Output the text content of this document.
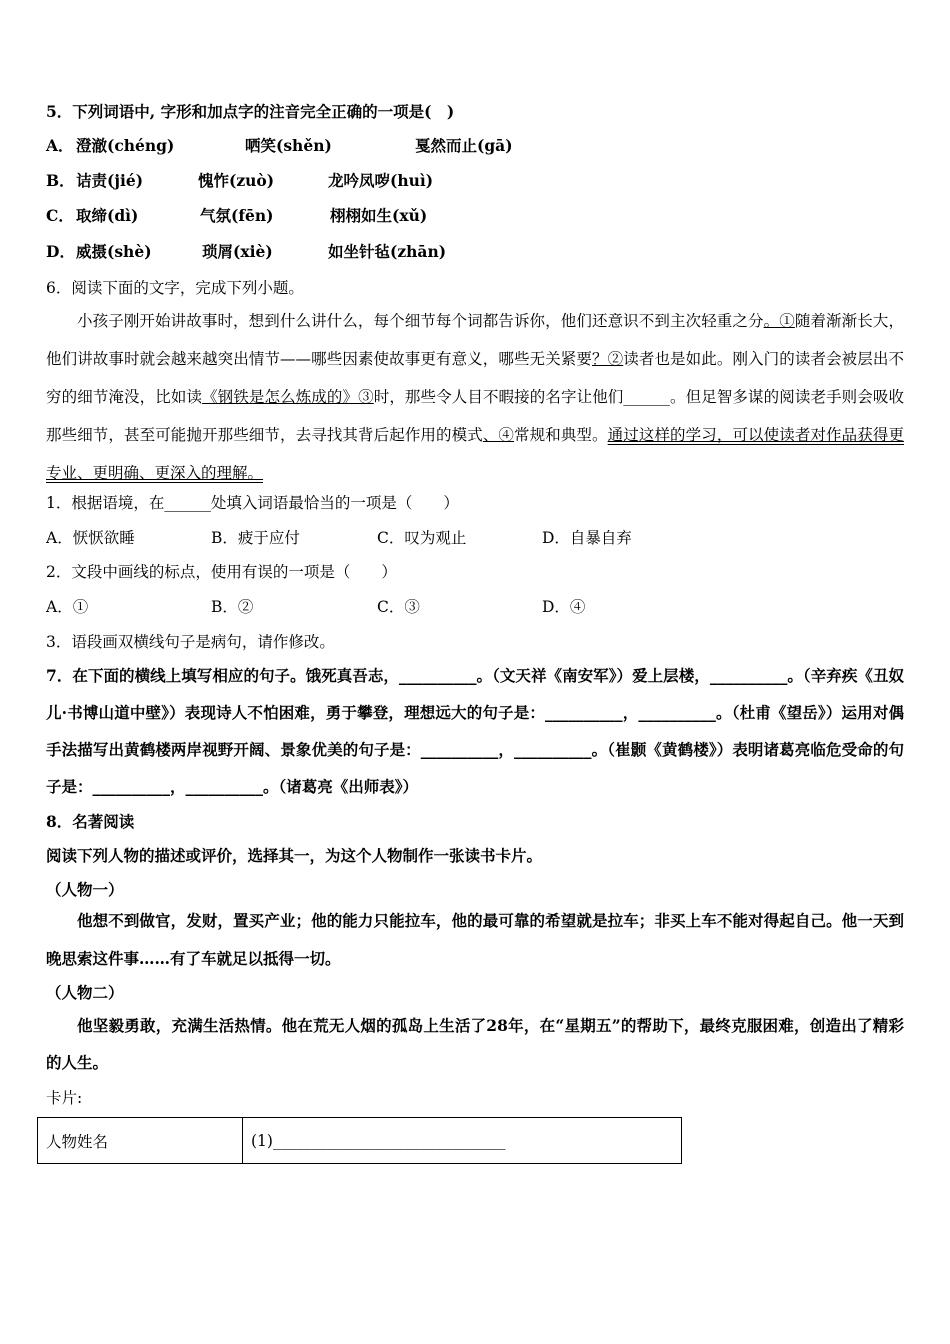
5．下列词语中, 字形和加点字的注音完全正确的一项是(　)
A． 澄澈(chéng)	哂笑(shěn)	戛然而止(gā)
B． 诘责(jié)	愧怍(zuò)	龙吟凤哕(huì)
C． 取缔(dì)	气氛(fēn)	栩栩如生(xǔ)
D． 威摄(shè)	琐屑(xiè)	如坐针毡(zhān)
6．阅读下面的文字，完成下列小题。
小孩子刚开始讲故事时，想到什么讲什么，每个细节每个词都告诉你，他们还意识不到主次轻重之分。①随着渐渐长大，他们讲故事时就会越来越突出情节——哪些因素使故事更有意义，哪些无关紧要？②读者也是如此。刚入门的读者会被层出不穷的细节淹没，比如读《钢铁是怎么炼成的》③时，那些令人目不暇接的名字让他们______。但足智多谋的阅读老手则会吸收那些细节，甚至可能抛开那些细节，去寻找其背后起作用的模式、④常规和典型。通过这样的学习，可以使读者对作品获得更专业、更明确、更深入的理解。
1．根据语境，在______处填入词语最恰当的一项是（　　）
A．恹恹欲睡	B．疲于应付	C．叹为观止	D．自暴自弃
2．文段中画线的标点，使用有误的一项是（　　）
A．①	B．②	C．③	D．④
3．语段画双横线句子是病句，请作修改。
7．在下面的横线上填写相应的句子。饿死真吾志，__________。（文天祥《南安军》）爱上层楼，__________。（辛弃疾《丑奴儿·书博山道中壁》）表现诗人不怕困难，勇于攀登，理想远大的句子是：__________，__________。（杜甫《望岳》）运用对偶手法描写出黄鹤楼两岸视野开阔、景象优美的句子是：__________，__________。（崔颢《黄鹤楼》）表明诸葛亮临危受命的句子是：__________，__________。（诸葛亮《出师表》）
8．名著阅读
阅读下列人物的描述或评价，选择其一，为这个人物制作一张读书卡片。
（人物一）
他想不到做官，发财，置买产业；他的能力只能拉车，他的最可靠的希望就是拉车；非买上车不能对得起自己。他一天到晚思索这件事……有了车就足以抵得一切。
（人物二）
他坚毅勇敢，充满生活热情。他在荒无人烟的孤岛上生活了28年，在“星期五”的帮助下，最终克服困难，创造出了精彩的人生。
卡片:
人物姓名	(1)______________________________
